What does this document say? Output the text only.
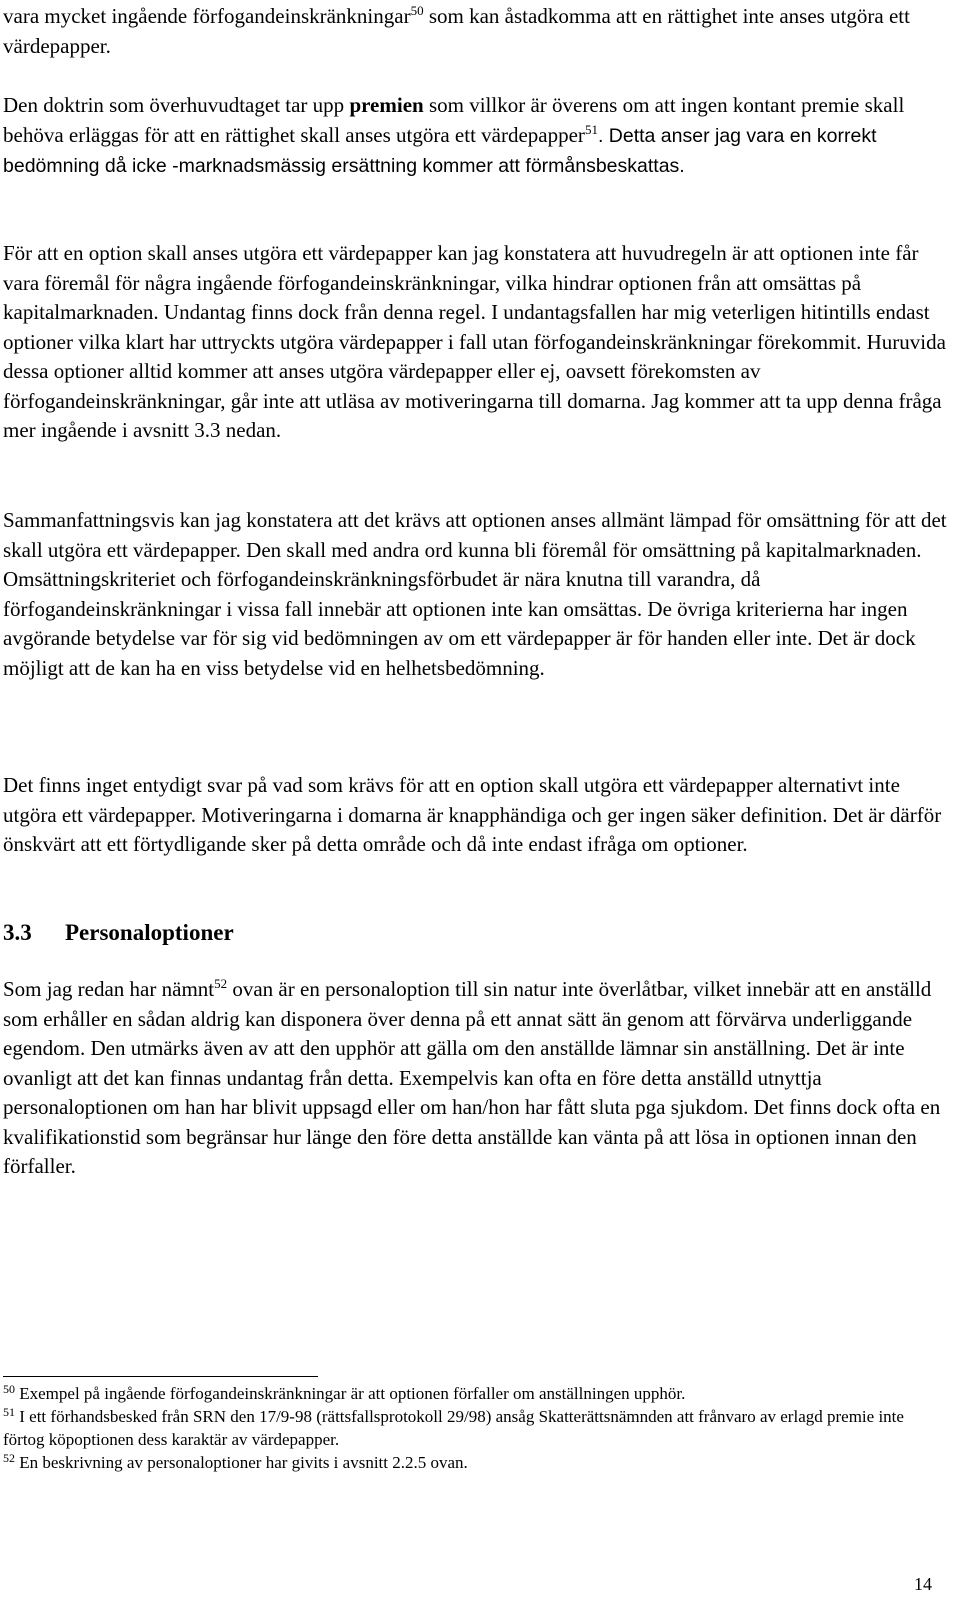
vara mycket ingående förfogandeinskränkningar$^{50}$ som kan åstadkomma att en rättighet inte anses utgöra ett värdepapper.

Den doktrin som överhuvudtaget tar upp premien som villkor är överens om att ingen kontant premie skall behöva erläggas för att en rättighet skall anses utgöra ett värdepapper$^{51}$. Detta anser jag vara en korrekt bedömning då icke -marknadsmässig ersättning kommer att förmånsbeskattas.

För att en option skall anses utgöra ett värdepapper kan jag konstatera att huvudregeln är att optionen inte får vara föremål för några ingående förfogandeinskränkningar, vilka hindrar optionen från att omsättas på kapitalmarknaden. Undantag finns dock från denna regel. I undantagsfallen har mig veterligen hitintills endast optioner vilka klart har uttryckts utgöra värdepapper i fall utan förfogandeinskränkningar förekommit. Huruvida dessa optioner alltid kommer att anses utgöra värdepapper eller ej, oavsett förekomsten av förfogandeinskränkningar, går inte att utläsa av motiveringarna till domarna. Jag kommer att ta upp denna fråga mer ingående i avsnitt 3.3 nedan.

Sammanfattningsvis kan jag konstatera att det krävs att optionen anses allmänt lämpad för omsättning för att det skall utgöra ett värdepapper. Den skall med andra ord kunna bli föremål för omsättning på kapitalmarknaden. Omsättningskriteriet och förfogandeinskränkningsförbudet är nära knutna till varandra, då förfogandeinskränkningar i vissa fall innebär att optionen inte kan omsättas. De övriga kriterierna har ingen avgörande betydelse var för sig vid bedömningen av om ett värdepapper är för handen eller inte. Det är dock möjligt att de kan ha en viss betydelse vid en helhetsbedömning.

Det finns inget entydigt svar på vad som krävs för att en option skall utgöra ett värdepapper alternativt inte utgöra ett värdepapper. Motiveringarna i domarna är knapphändiga och ger ingen säker definition. Det är därför önskvärt att ett förtydligande sker på detta område och då inte endast ifråga om optioner.

3.3 Personaloptioner

Som jag redan har nämnt$^{52}$ ovan är en personaloption till sin natur inte överlåtbar, vilket innebär att en anställd som erhåller en sådan aldrig kan disponera över denna på ett annat sätt än genom att förvärva underliggande egendom. Den utmärks även av att den upphör att gälla om den anställde lämnar sin anställning. Det är inte ovanligt att det kan finnas undantag från detta. Exempelvis kan ofta en före detta anställd utnyttja personaloptionen om han har blivit uppsagd eller om han/hon har fått sluta pga sjukdom. Det finns dock ofta en kvalifikationstid som begränsar hur länge den före detta anställde kan vänta på att lösa in optionen innan den förfaller.

$^{50}$ Exempel på ingående förfogandeinskränkningar är att optionen förfaller om anställningen upphör.
$^{51}$ I ett förhandsbesked från SRN den 17/9-98 (rättsfallsprotokoll 29/98) ansåg Skatterättsnämnden att frånvaro av erlagd premie inte förtog köpoptionen dess karaktär av värdepapper.
$^{52}$ En beskrivning av personaloptioner har givits i avsnitt 2.2.5 ovan.
14
